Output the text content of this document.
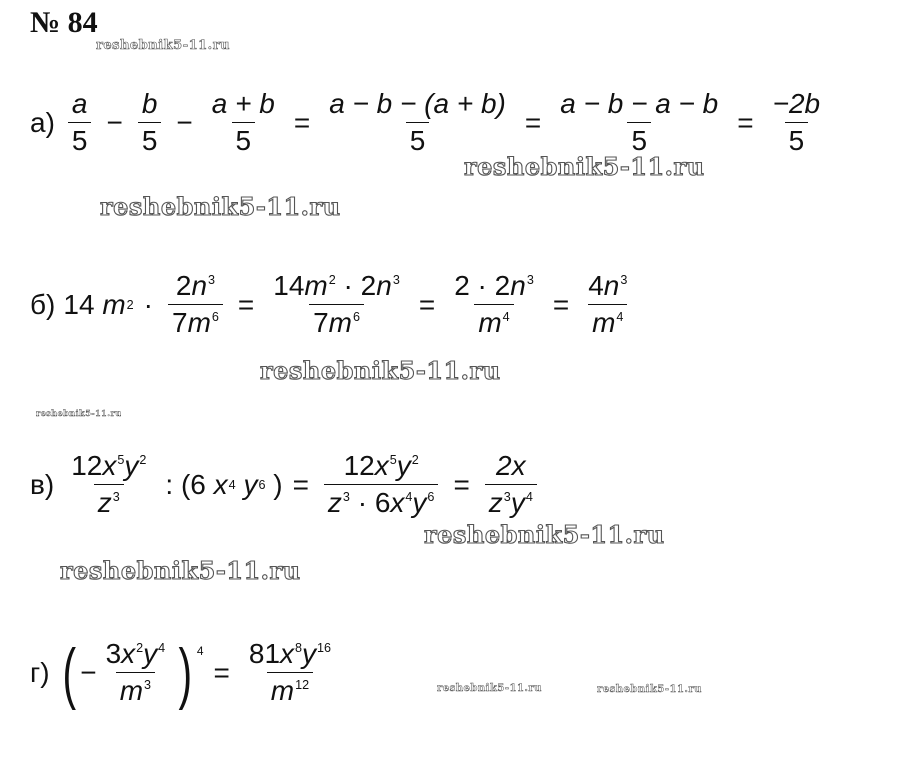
№ 84
reshebnik5-11.ru
reshebnik5-11.ru
reshebnik5-11.ru
reshebnik5-11.ru
reshebnik5-11.ru
reshebnik5-11.ru
reshebnik5-11.ru
reshebnik5-11.ru	reshebnik5-11.ru
$а) \frac{a}{5} - \frac{b}{5} - \frac{a + b}{5} = \frac{a - b - (a + b)}{5} = \frac{a - b - a - b}{5} = \frac{-2b}{5}$
б) 14
m $2 \cdot \frac{2n^3}{7m^6} = \frac{14m^2 \cdot 2n^3}{7m^6} = \frac{2 \cdot 2n^3}{m^4} = \frac{4n^3}{m^4}$
$в) \frac{12x^5y^2}{z^3}$ : (6
x 4
y 6
) = $\frac{12x^5y^2}{z^3 \cdot 6x^4y^6} = \frac{2x}{z^3y^4}$
г) ( − $\frac{3x^2y^4}{m^3}$ ) 4
= $\frac{81x^8y^{16}}{m^{12}}$
